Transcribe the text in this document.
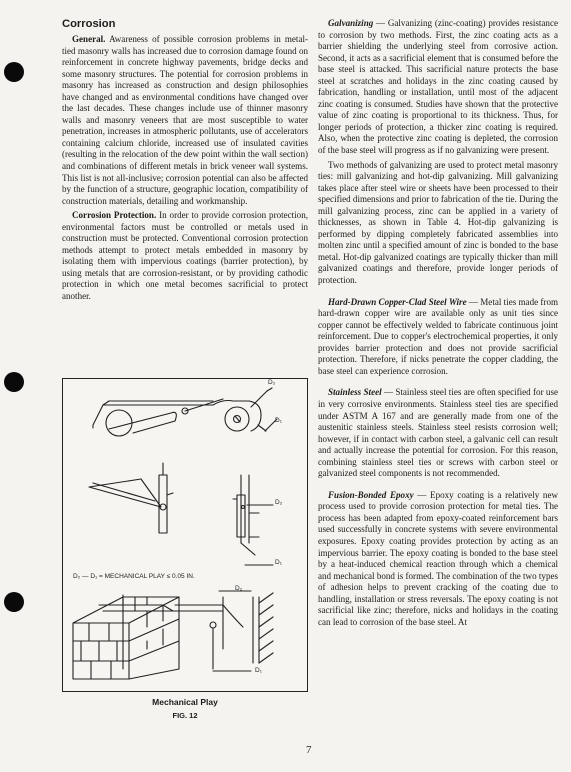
Corrosion

General. Awareness of possible corrosion problems in metal-tied masonry walls has increased due to corrosion damage found on reinforcement in concrete highway pavements, bridge decks and some masonry structures. The potential for corrosion problems in masonry has increased as construction and design philosophies have changed and as environmental conditions have changed over the last decades. These changes include use of thinner masonry walls and masonry veneers that are most susceptible to water penetration, increases in atmospheric pollutants, use of accelerators containing calcium chloride, increased use of insulated cavities (resulting in the relocation of the dew point within the wall section) and combinations of different metals in brick veneer wall systems. This list is not all-inclusive; corrosion potential can also be affected by the function of a structure, geographic location, compatibility of construction materials, detailing and workmanship.

Corrosion Protection. In order to provide corrosion protection, environmental factors must be controlled or metals used in construction must be protected. Conventional corrosion protection methods attempt to protect metals embedded in masonry by isolating them with impervious coatings (barrier protection), by using metals that are corrosion-resistant, or by providing cathodic protection in which one metal becomes sacrificial to protect another.

D₂
D₁
D₂
D₁
D₂ — D₁ = MECHANICAL PLAY ≤ 0.05 IN.
D₂
D₁
Mechanical Play
FIG. 12

Galvanizing — Galvanizing (zinc-coating) provides resistance to corrosion by two methods. First, the zinc coating acts as a barrier shielding the underlying steel from corrosive action. Second, it acts as a sacrificial element that is consumed before the base steel is attacked. This sacrificial nature protects the base steel at scratches and holidays in the zinc coating caused by fabrication, handling or installation, until most of the adjacent zinc coating is consumed. Studies have shown that the protective value of zinc coating is proportional to its thickness. Thus, for longer periods of protection, a thicker zinc coating is required. Also, when the protective zinc coating is depleted, the corrosion of the base steel will progress as if no galvanizing were present.

Two methods of galvanizing are used to protect metal masonry ties: mill galvanizing and hot-dip galvanizing. Mill galvanizing takes place after steel wire or sheets have been processed to their specified dimensions and prior to fabrication of the tie. During the mill galvanizing process, zinc can be applied in a variety of thicknesses, as shown in Table 4. Hot-dip galvanizing is performed by dipping completely fabricated assemblies into molten zinc until a specified amount of zinc is bonded to the base metal. Hot-dip galvanized coatings are typically thicker than mill galvanized coatings and therefore, provide longer periods of protection.

Hard-Drawn Copper-Clad Steel Wire — Metal ties made from hard-drawn copper wire are available only as unit ties since copper cannot be effectively welded to fabricate continuous joint reinforcement. Due to copper's electrochemical properties, it only provides barrier protection and does not provide sacrificial protection. Therefore, if nicks penetrate the copper cladding, the base steel can experience corrosion.

Stainless Steel — Stainless steel ties are often specified for use in very corrosive environments. Stainless steel ties are specified under ASTM A 167 and are generally made from one of the austenitic stainless steels. Stainless steel resists corrosion well; however, if in contact with carbon steel, a galvanic cell can result and actually increase the potential for corrosion. For this reason, combining stainless steel ties or screws with carbon steel or galvanized steel components is not recommended.

Fusion-Bonded Epoxy — Epoxy coating is a relatively new process used to provide corrosion protection for metal ties. The process has been adapted from epoxy-coated reinforcement bars used successfully in concrete systems with severe environmental exposures. Epoxy coating provides protection by acting as an impervious barrier. The epoxy coating is bonded to the base steel by a heat-induced chemical reaction through which a chemical and mechanical bond is formed. The combination of the two types of adhesion helps to prevent cracking of the coating due to handling, installation or stress reversals. The epoxy coating is not sacrificial like zinc; therefore, nicks and holidays in the coating can lead to corrosion of the base steel. At

7
